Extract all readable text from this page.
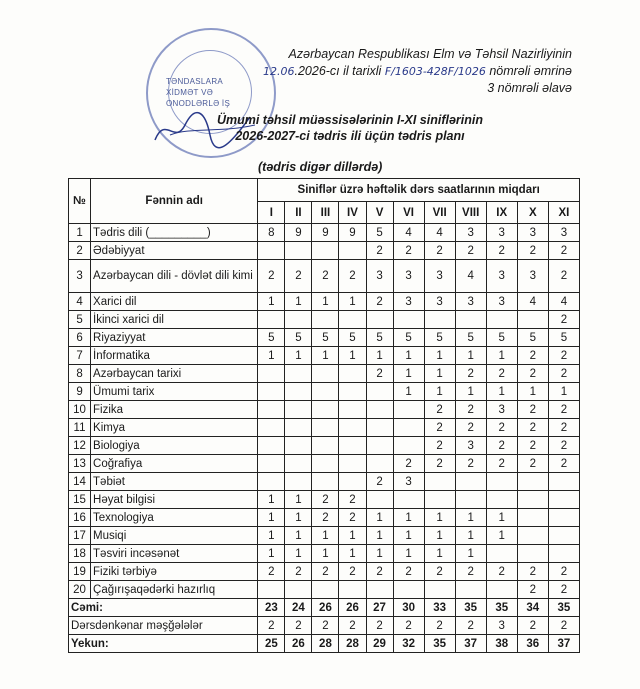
TƏNDASLARA
XİDMƏT VƏ
ONODLƏRLƏ İŞ
Azərbaycan Respublikası Elm və Təhsil Nazirliyinin
12.06.2026-cı il tarixli F/1603-428F/1026 nömrəli əmrinə
3 nömrəli əlavə
Ümumi təhsil müəssisələrinin I-XI siniflərinin
2026-2027-ci tədris ili üçün tədris planı
(tədris digər dillərdə)
№	Fənnin adı	Siniflər üzrə həftəlik dərs saatlarının miqdarı										
		I	II	III	IV	V	VI	VII	VIII	IX	X	XI
1	Tədris dili (_________)	8	9	9	9	5	4	4	3	3	3	3
2	Ədəbiyyat					2	2	2	2	2	2	2
3	Azərbaycan dili - dövlət dili kimi	2	2	2	2	3	3	3	4	3	3	2
4	Xarici dil	1	1	1	1	2	3	3	3	3	4	4
5	İkinci xarici dil											2
6	Riyaziyyat	5	5	5	5	5	5	5	5	5	5	5
7	İnformatika	1	1	1	1	1	1	1	1	1	2	2
8	Azərbaycan tarixi					2	1	1	2	2	2	2
9	Ümumi tarix						1	1	1	1	1	1
10	Fizika							2	2	3	2	2
11	Kimya							2	2	2	2	2
12	Biologiya							2	3	2	2	2
13	Coğrafiya						2	2	2	2	2	2
14	Təbiət					2	3					
15	Həyat bilgisi	1	1	2	2							
16	Texnologiya	1	1	2	2	1	1	1	1	1		
17	Musiqi	1	1	1	1	1	1	1	1	1		
18	Təsviri incəsənət	1	1	1	1	1	1	1	1			
19	Fiziki tərbiyə	2	2	2	2	2	2	2	2	2	2	2
20	Çağırışaqədərki hazırlıq										2	2
Cəmi:		23	24	26	26	27	30	33	35	35	34	35
Dərsdənkənar məşğələlər		2	2	2	2	2	2	2	2	3	2	2
Yekun:		25	26	28	28	29	32	35	37	38	36	37
